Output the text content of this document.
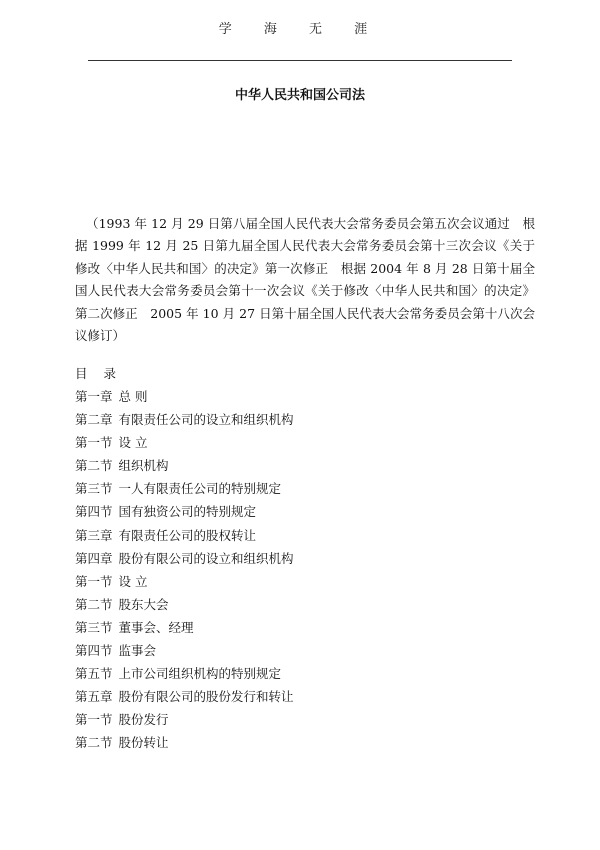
学 海 无 涯
中华人民共和国公司法
（1993 年 12 月 29 日第八届全国人民代表大会常务委员会第五次会议通过　根据 1999 年 12 月 25 日第九届全国人民代表大会常务委员会第十三次会议《关于修改〈中华人民共和国〉的决定》第一次修正　根据 2004 年 8 月 28 日第十届全国人民代表大会常务委员会第十一次会议《关于修改〈中华人民共和国〉的决定》第二次修正　2005 年 10 月 27 日第十届全国人民代表大会常务委员会第十八次会议修订）
目 录
第一章 总 则
第二章 有限责任公司的设立和组织机构
第一节 设 立
第二节 组织机构
第三节 一人有限责任公司的特别规定
第四节 国有独资公司的特别规定
第三章 有限责任公司的股权转让
第四章 股份有限公司的设立和组织机构
第一节 设 立
第二节 股东大会
第三节 董事会、经理
第四节 监事会
第五节 上市公司组织机构的特别规定
第五章 股份有限公司的股份发行和转让
第一节 股份发行
第二节 股份转让
